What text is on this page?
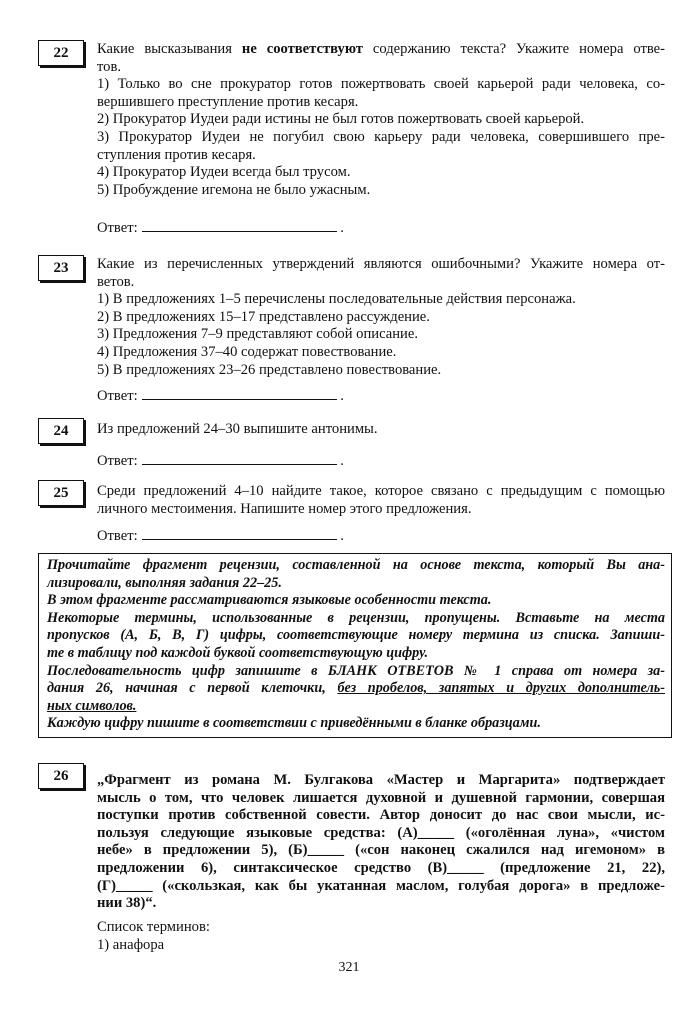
22	Какие высказывания не соответствуют содержанию текста? Укажите номера отве-
тов.
1) Только во сне прокуратор готов пожертвовать своей карьерой ради человека, со-
вершившего преступление против кесаря.
2) Прокуратор Иудеи ради истины не был готов пожертвовать своей карьерой.
3) Прокуратор Иудеи не погубил свою карьеру ради человека, совершившего пре-
ступления против кесаря.
4) Прокуратор Иудеи всегда был трусом.
5) Пробуждение игемона не было ужасным.
Ответ:	.
23	Какие из перечисленных утверждений являются ошибочными? Укажите номера от-
ветов.
1) В предложениях 1–5 перечислены последовательные действия персонажа.
2) В предложениях 15–17 представлено рассуждение.
3) Предложения 7–9 представляют собой описание.
4) Предложения 37–40 содержат повествование.
5) В предложениях 23–26 представлено повествование.
Ответ:	.
24	Из предложений 24–30 выпишите антонимы.
Ответ:	.
25	Среди предложений 4–10 найдите такое, которое связано с предыдущим с помощью
личного местоимения. Напишите номер этого предложения.
Ответ:	.
Прочитайте фрагмент рецензии, составленной на основе текста, который Вы ана-
лизировали, выполняя задания 22–25.
В этом фрагменте рассматриваются языковые особенности текста.
Некоторые термины, использованные в рецензии, пропущены. Вставьте на места
пропусков (А, Б, В, Г) цифры, соответствующие номеру термина из списка. Запиши-
те в таблицу под каждой буквой соответствующую цифру.
Последовательность цифр запишите в БЛАНК ОТВЕТОВ № 1 справа от номера за-
дания 26, начиная с первой клеточки, без пробелов, запятых и других дополнитель-
ных символов.
Каждую цифру пишите в соответствии с приведёнными в бланке образцами.
26	„Фрагмент из романа М. Булгакова «Мастер и Маргарита» подтверждает
мысль о том, что человек лишается духовной и душевной гармонии, совершая
поступки против собственной совести. Автор доносит до нас свои мысли, ис-
пользуя следующие языковые средства: (А)_____ («оголённая луна», «чистом
небе» в предложении 5), (Б)_____ («сон наконец сжалился над игемоном» в
предложении 6), синтаксическое средство (В)_____ (предложение 21, 22),
(Г)_____ («скользкая, как бы укатанная маслом, голубая дорога» в предложе-
нии 38)“.
Список терминов:
1) анафора
321
